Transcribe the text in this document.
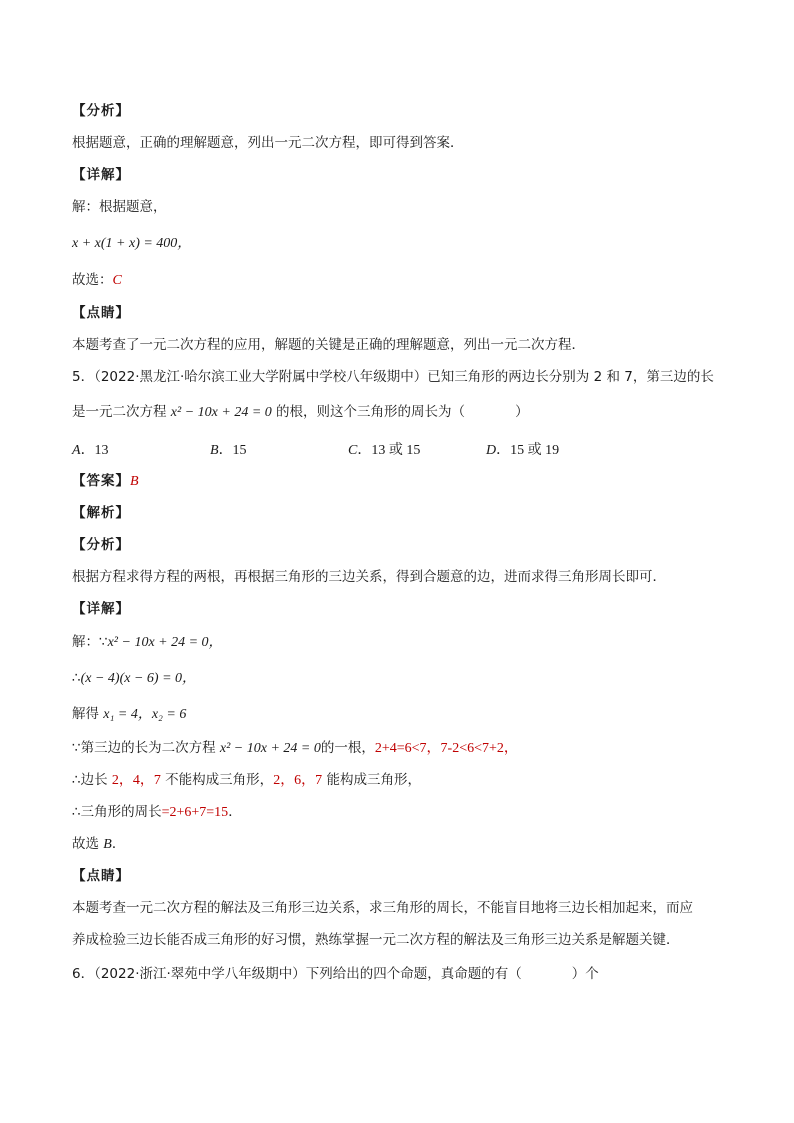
【分析】
根据题意，正确的理解题意，列出一元二次方程，即可得到答案．
【详解】
解：根据题意，
x + x(1 + x) = 400，
故选：C
【点睛】
本题考查了一元二次方程的应用，解题的关键是正确的理解题意，列出一元二次方程．
5．（2022·黑龙江·哈尔滨工业大学附属中学校八年级期中）已知三角形的两边长分别为 2 和 7，第三边的长
是一元二次方程 x² − 10x + 24 = 0 的根，则这个三角形的周长为（	）
A．13	B．15	C．13 或 15	D．15 或 19
【答案】B
【解析】
【分析】
根据方程求得方程的两根，再根据三角形的三边关系，得到合题意的边，进而求得三角形周长即可．
【详解】
解：∵x² − 10x + 24 = 0，
∴(x − 4)(x − 6) = 0，
解得 x₁ = 4，x₂ = 6
∵第三边的长为二次方程 x² − 10x + 24 = 0的一根，2+4=6<7，7-2<6<7+2，
∴边长 2，4，7 不能构成三角形，2，6，7 能构成三角形，
∴三角形的周长=2+6+7=15．
故选 B．
【点睛】
本题考查一元二次方程的解法及三角形三边关系，求三角形的周长，不能盲目地将三边长相加起来，而应
养成检验三边长能否成三角形的好习惯，熟练掌握一元二次方程的解法及三角形三边关系是解题关键．
6．（2022·浙江·翠苑中学八年级期中）下列给出的四个命题，真命题的有（	）个
